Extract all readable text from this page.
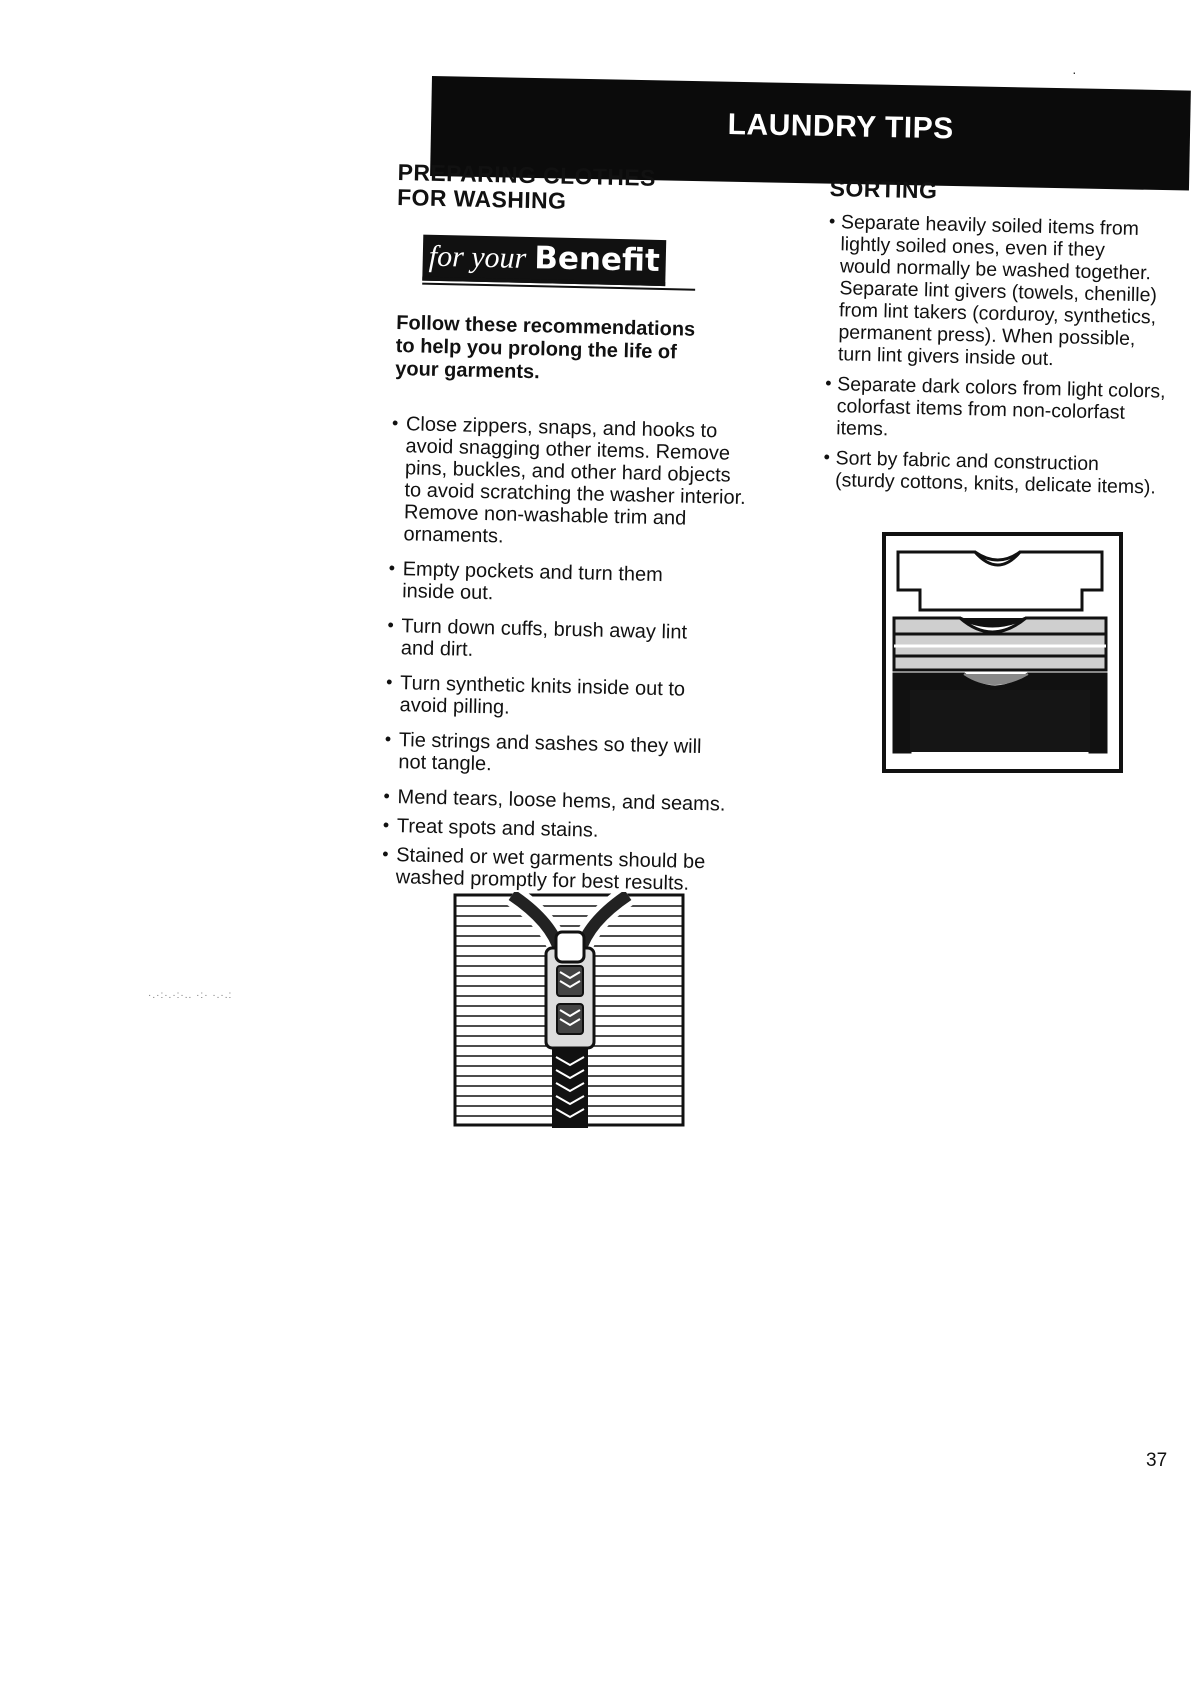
LAUNDRY TIPS
·
PREPARING CLOTHES
FOR WASHING
for your Benefit

Follow these recommendations
to help you prolong the life of
your garments.

• Close zippers, snaps, and hooks to
avoid snagging other items. Remove
pins, buckles, and other hard objects
to avoid scratching the washer interior.
Remove non-washable trim and
ornaments.
• Empty pockets and turn them
inside out.
• Turn down cuffs, brush away lint
and dirt.
• Turn synthetic knits inside out to
avoid pilling.
• Tie strings and sashes so they will
not tangle.
• Mend tears, loose hems, and seams.
• Treat spots and stains.
• Stained or wet garments should be
washed promptly for best results.
SORTING
• Separate heavily soiled items from
lightly soiled ones, even if they
would normally be washed together.
Separate lint givers (towels, chenille)
from lint takers (corduroy, synthetics,
permanent press). When possible,
turn lint givers inside out.
• Separate dark colors from light colors,
colorfast items from non-colorfast items.
• Sort by fabric and construction
(sturdy cottons, knits, delicate items).
·.·:·.·:·.. ·:· ·.·.:
37
